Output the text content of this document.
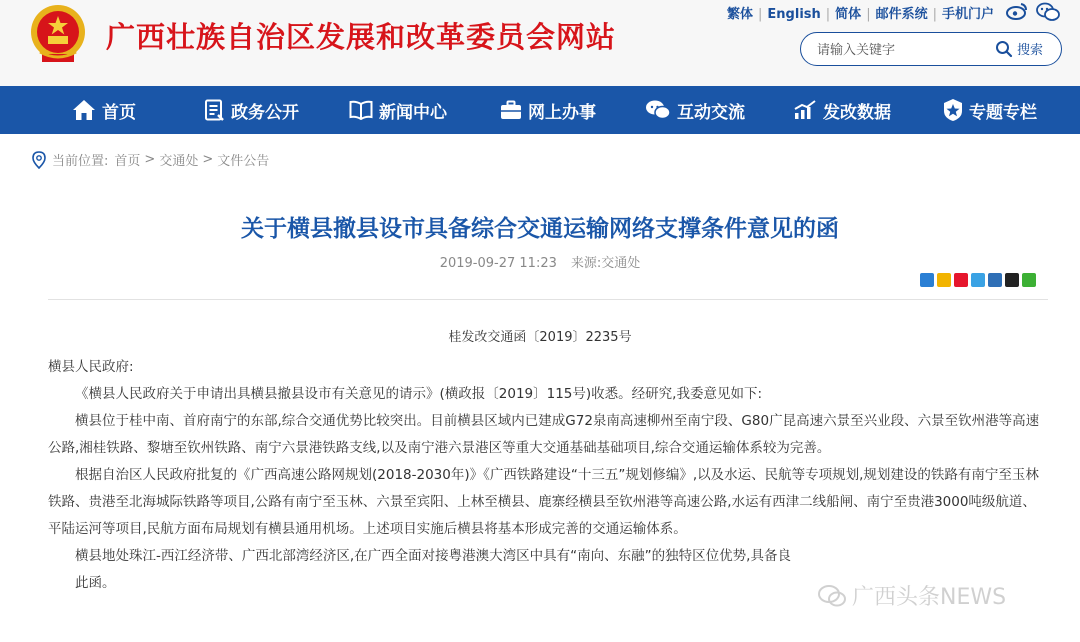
广西壮族自治区发展和改革委员会网站
繁体 | English | 简体 | 邮件系统 | 手机门户
请输入关键字
搜索
首页	政务公开	新闻中心	网上办事	互动交流	发改数据	专题专栏
当前位置: 首页 > 交通处 > 文件公告
关于横县撤县设市具备综合交通运输网络支撑条件意见的函
2019-09-27 11:23 来源:交通处
桂发改交通函〔2019〕2235号

横县人民政府:

《横县人民政府关于申请出具横县撤县设市有关意见的请示》(横政报〔2019〕115号)收悉。经研究,我委意见如下:

横县位于桂中南、首府南宁的东部,综合交通优势比较突出。目前横县区域内已建成G72泉南高速柳州至南宁段、G80广昆高速六景至兴业段、六景至钦州港等高速公路,湘桂铁路、黎塘至钦州铁路、南宁六景港铁路支线,以及南宁港六景港区等重大交通基础基础项目,综合交通运输体系较为完善。

根据自治区人民政府批复的《广西高速公路网规划(2018-2030年)》《广西铁路建设“十三五”规划修编》,以及水运、民航等专项规划,规划建设的铁路有南宁至玉林铁路、贵港至北海城际铁路等项目,公路有南宁至玉林、六景至宾阳、上林至横县、鹿寨经横县至钦州港等高速公路,水运有西津二线船闸、南宁至贵港3000吨级航道、平陆运河等项目,民航方面布局规划有横县通用机场。上述项目实施后横县将基本形成完善的交通运输体系。

横县地处珠江-西江经济带、广西北部湾经济区,在广西全面对接粤港澳大湾区中具有“南向、东融”的独特区位优势,具备良

此函。

广西头条NEWS
